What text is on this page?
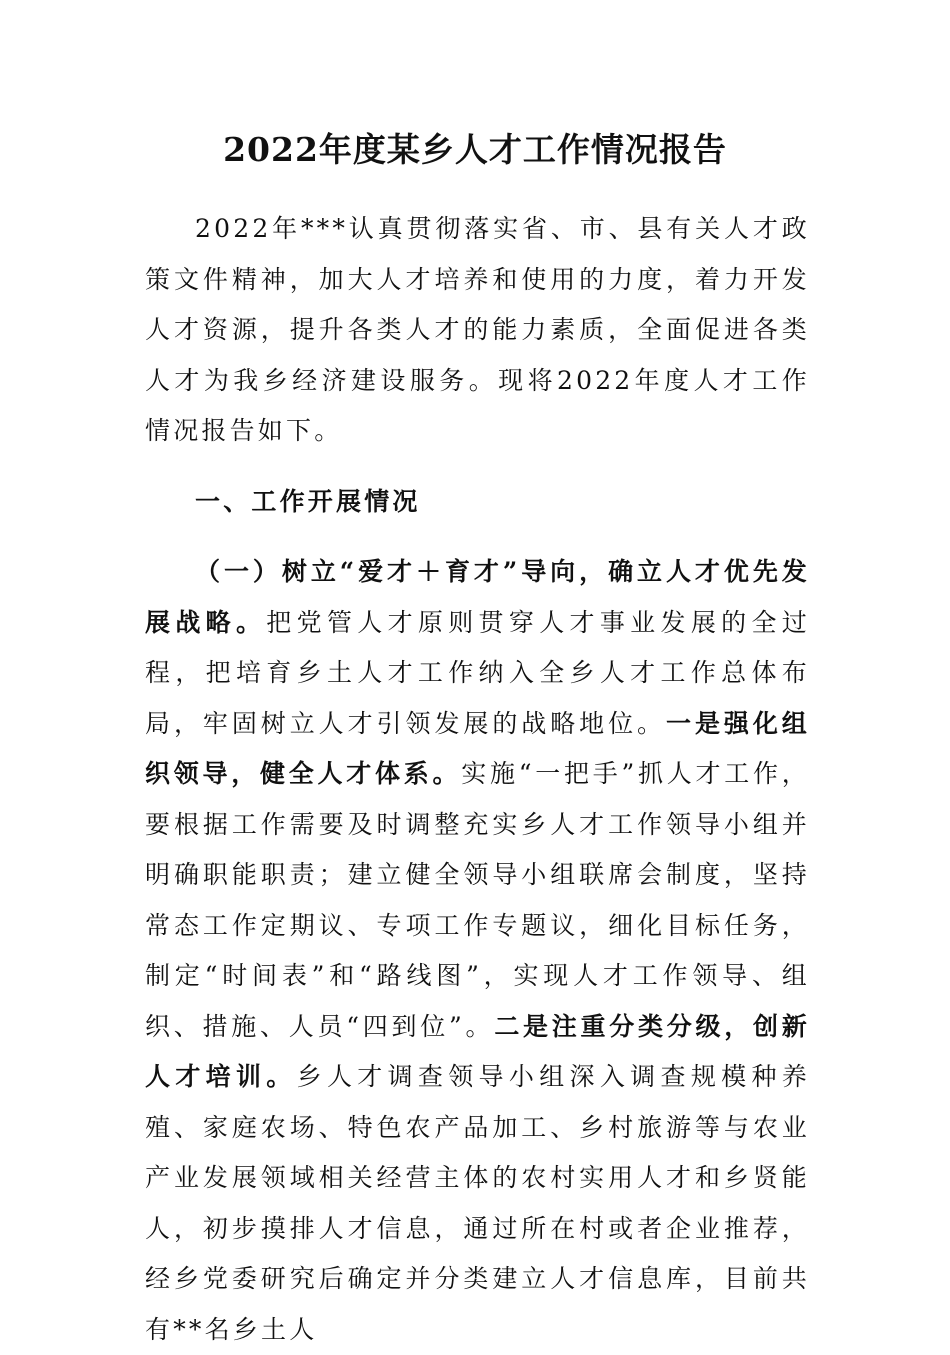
2022年度某乡人才工作情况报告

2022年***认真贯彻落实省、市、县有关人才政策文件精神，加大人才培养和使用的力度，着力开发人才资源，提升各类人才的能力素质，全面促进各类人才为我乡经济建设服务。现将2022年度人才工作情况报告如下。

一、工作开展情况

（一）树立“爱才＋育才”导向，确立人才优先发展战略。把党管人才原则贯穿人才事业发展的全过程，把培育乡土人才工作纳入全乡人才工作总体布局，牢固树立人才引领发展的战略地位。一是强化组织领导，健全人才体系。实施“一把手”抓人才工作，要根据工作需要及时调整充实乡人才工作领导小组并明确职能职责；建立健全领导小组联席会制度，坚持常态工作定期议、专项工作专题议，细化目标任务，制定“时间表”和“路线图”，实现人才工作领导、组织、措施、人员“四到位”。二是注重分类分级，创新人才培训。乡人才调查领导小组深入调查规模种养殖、家庭农场、特色农产品加工、乡村旅游等与农业产业发展领域相关经营主体的农村实用人才和乡贤能人，初步摸排人才信息，通过所在村或者企业推荐，经乡党委研究后确定并分类建立人才信息库，目前共有**名乡土人
